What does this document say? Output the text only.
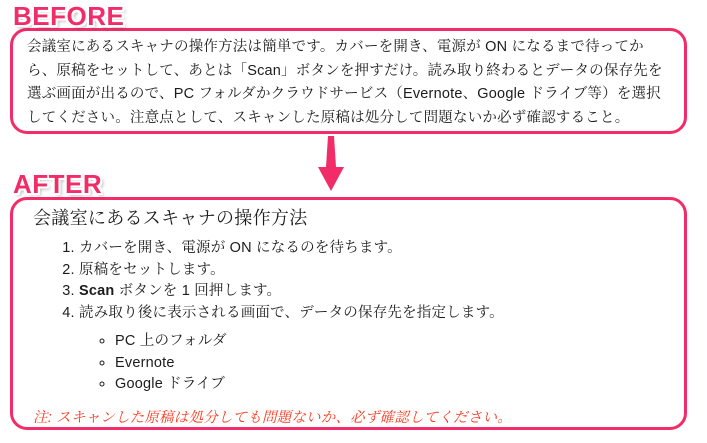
BEFORE

会議室にあるスキャナの操作方法は簡単です。カバーを開き、電源が ON になるまで待ってから、原稿をセットして、あとは「Scan」ボタンを押すだけ。読み取り終わるとデータの保存先を選ぶ画面が出るので、PC フォルダかクラウドサービス（Evernote、Google ドライブ等）を選択してください。注意点として、スキャンした原稿は処分して問題ないか必ず確認すること。

AFTER
会議室にあるスキャナの操作方法
1. カバーを開き、電源が ON になるのを待ちます。
2. 原稿をセットします。
3. Scan ボタンを 1 回押します。
4. 読み取り後に表示される画面で、データの保存先を指定します。
◦ PC 上のフォルダ
◦ Evernote
◦ Google ドライブ

注: スキャンした原稿は処分しても問題ないか、必ず確認してください。
